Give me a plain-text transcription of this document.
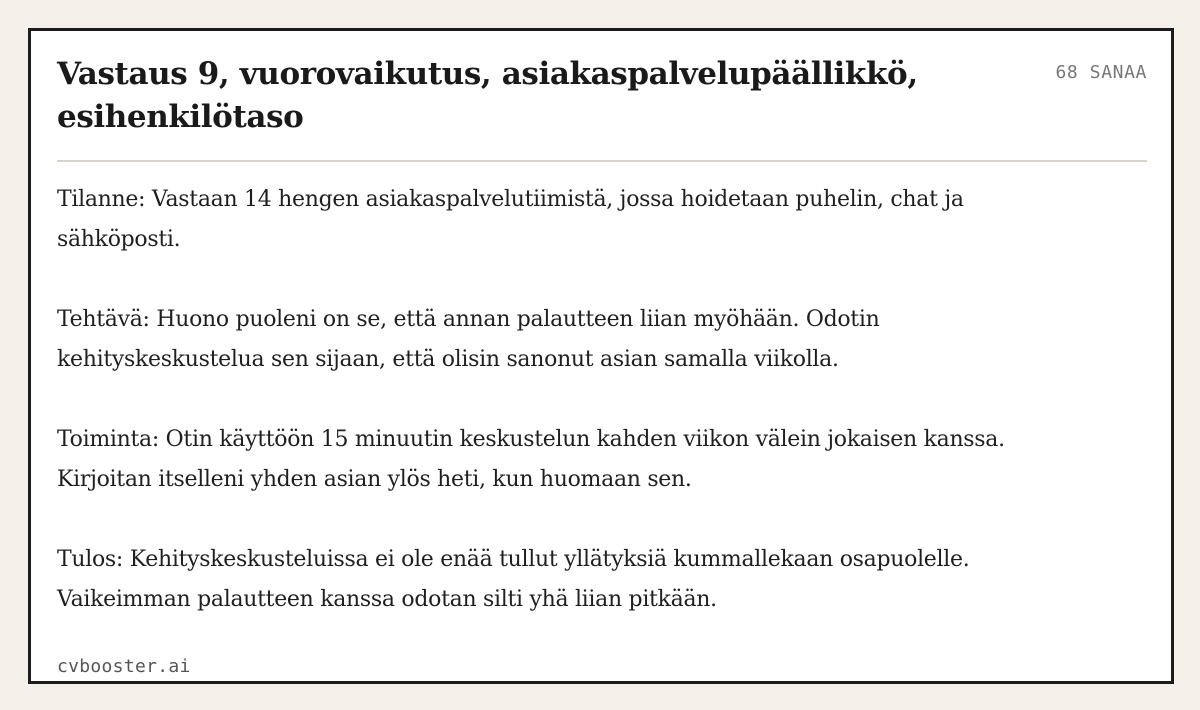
Vastaus 9, vuorovaikutus, asiakaspalvelupäällikkö, esihenkilötaso
68 SANAA

Tilanne: Vastaan 14 hengen asiakaspalvelutiimistä, jossa hoidetaan puhelin, chat ja sähköposti.

Tehtävä: Huono puoleni on se, että annan palautteen liian myöhään. Odotin kehityskeskustelua sen sijaan, että olisin sanonut asian samalla viikolla.

Toiminta: Otin käyttöön 15 minuutin keskustelun kahden viikon välein jokaisen kanssa. Kirjoitan itselleni yhden asian ylös heti, kun huomaan sen.

Tulos: Kehityskeskusteluissa ei ole enää tullut yllätyksiä kummallekaan osapuolelle. Vaikeimman palautteen kanssa odotan silti yhä liian pitkään.

cvbooster.ai
